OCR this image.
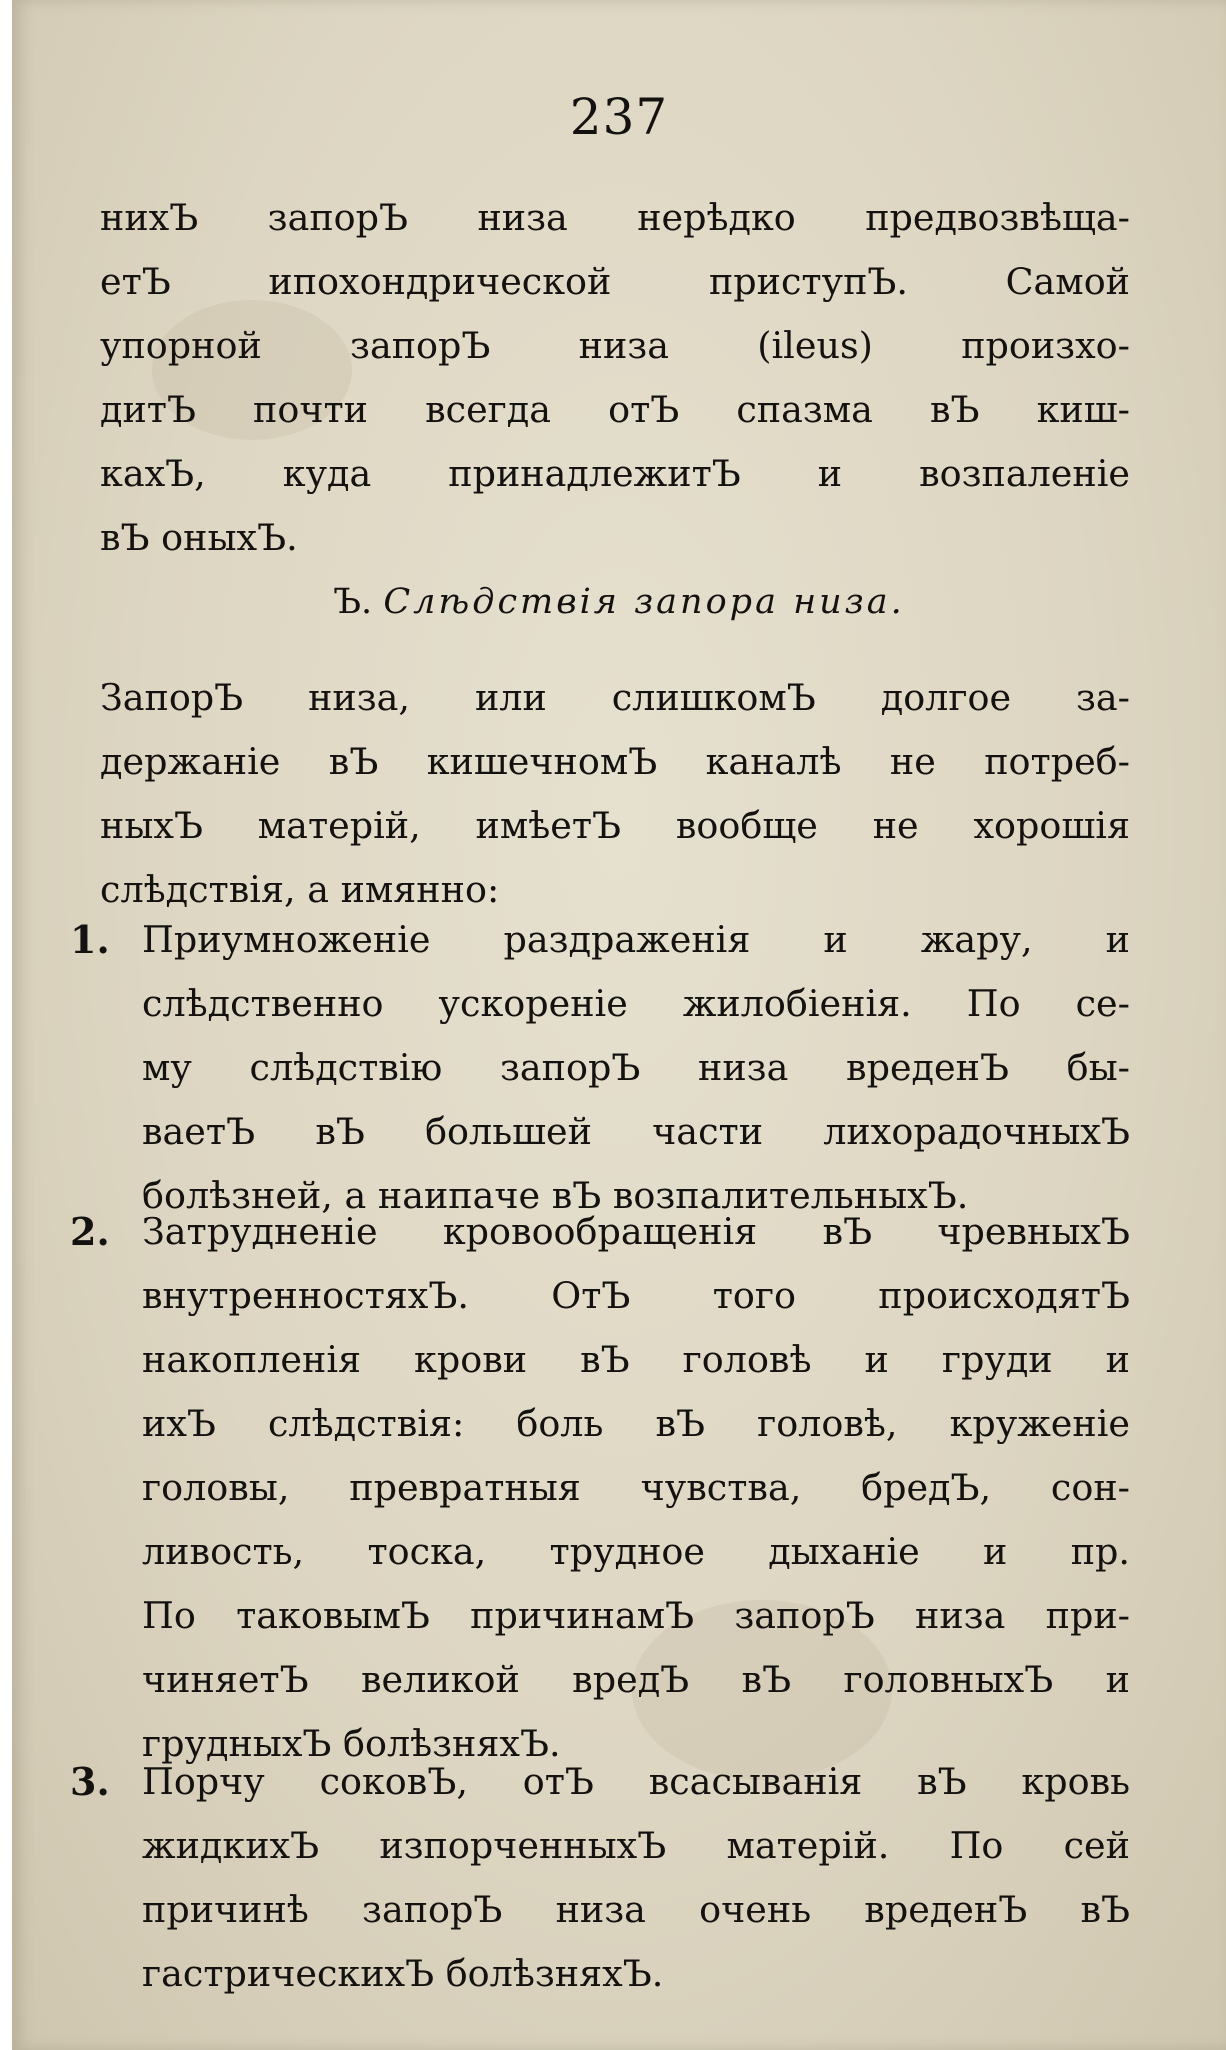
237
нихЪ запорЪ низа нерѣдко предвозвѣща-
етЪ ипохондрической приступЪ. Самой
упорной запорЪ низа (ileus) произхо-
дитЪ почти всегда отЪ спазма вЪ киш-
кахЪ, куда принадлежитЪ и возпаленіе
вЪ оныхЪ.
Ъ. Слѣдствія запора низа.
ЗапорЪ низа, или слишкомЪ долгое за-
держаніе вЪ кишечномЪ каналѣ не потреб-
ныхЪ матерій, имѣетЪ вообще не хорошія
слѣдствія, а имянно:
1. Приумноженіе раздраженія и жару, и
слѣдственно ускореніе жилобіенія. По се-
му слѣдствію запорЪ низа вреденЪ бы-
ваетЪ вЪ большей части лихорадочныхЪ
болѣзней, а наипаче вЪ возпалительныхЪ.
2. Затрудненіе кровообращенія вЪ чревныхЪ
внутренностяхЪ. ОтЪ того происходятЪ
накопленія крови вЪ головѣ и груди и
ихЪ слѣдствія: боль вЪ головѣ, круженіе
головы, превратныя чувства, бредЪ, сон-
ливость, тоска, трудное дыханіе и пр.
По таковымЪ причинамЪ запорЪ низа при-
чиняетЪ великой вредЪ вЪ головныхЪ и
грудныхЪ болѣзняхЪ.
3. Порчу соковЪ, отЪ всасыванія вЪ кровь
жидкихЪ изпорченныхЪ матерій. По сей
причинѣ запорЪ низа очень вреденЪ вЪ
гастрическихЪ болѣзняхЪ.
